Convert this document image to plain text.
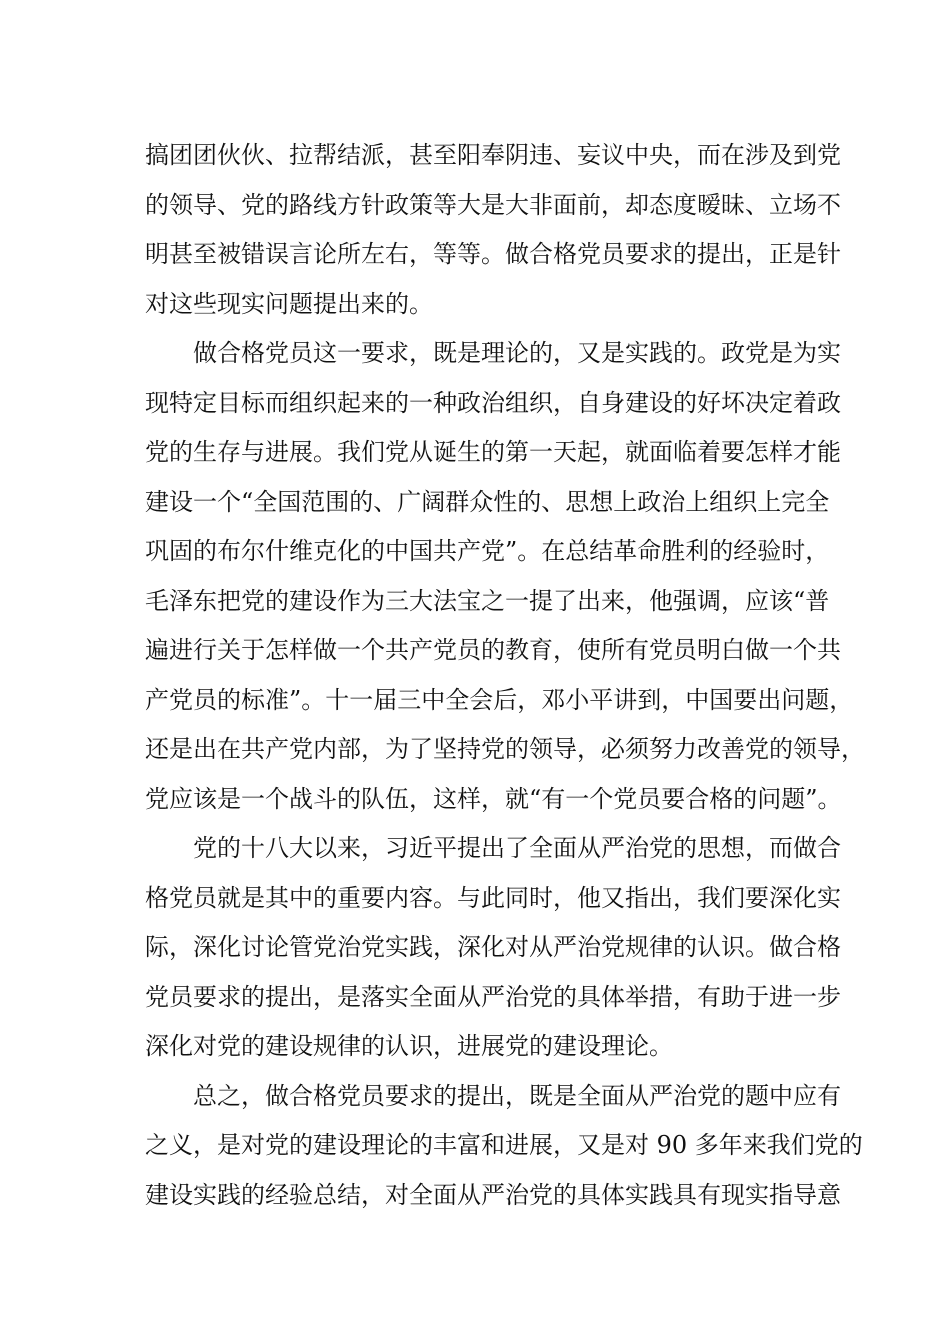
搞团团伙伙、拉帮结派，甚至阳奉阴违、妄议中央，而在涉及到党
的领导、党的路线方针政策等大是大非面前，却态度暧昧、立场不
明甚至被错误言论所左右，等等。做合格党员要求的提出，正是针
对这些现实问题提出来的。
做合格党员这一要求，既是理论的，又是实践的。政党是为实
现特定目标而组织起来的一种政治组织，自身建设的好坏决定着政
党的生存与进展。我们党从诞生的第一天起，就面临着要怎样才能
建设一个“全国范围的、广阔群众性的、思想上政治上组织上完全
巩固的布尔什维克化的中国共产党”。在总结革命胜利的经验时，
毛泽东把党的建设作为三大法宝之一提了出来，他强调，应该“普
遍进行关于怎样做一个共产党员的教育，使所有党员明白做一个共
产党员的标准”。十一届三中全会后，邓小平讲到，中国要出问题，
还是出在共产党内部，为了坚持党的领导，必须努力改善党的领导，
党应该是一个战斗的队伍，这样，就“有一个党员要合格的问题”。
党的十八大以来，习近平提出了全面从严治党的思想，而做合
格党员就是其中的重要内容。与此同时，他又指出，我们要深化实
际，深化讨论管党治党实践，深化对从严治党规律的认识。做合格
党员要求的提出，是落实全面从严治党的具体举措，有助于进一步
深化对党的建设规律的认识，进展党的建设理论。
总之，做合格党员要求的提出，既是全面从严治党的题中应有
之义，是对党的建设理论的丰富和进展，又是对 90 多年来我们党的
建设实践的经验总结，对全面从严治党的具体实践具有现实指导意
